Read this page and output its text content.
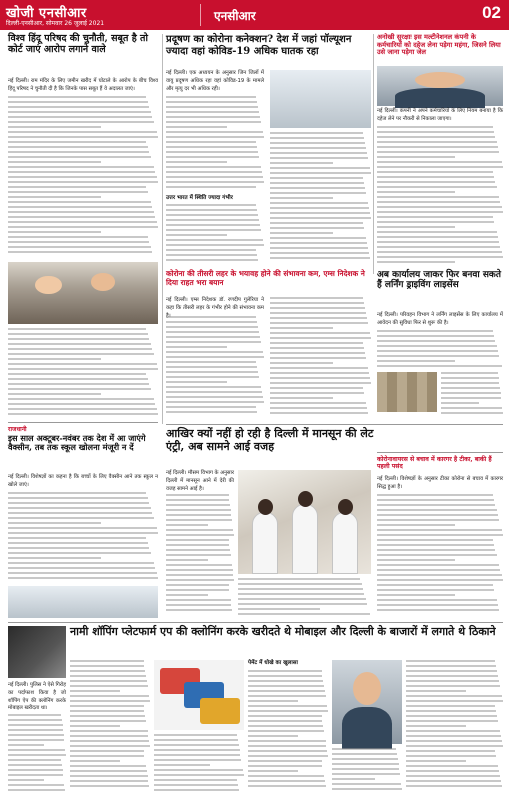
खोजी एनसीआर
दिल्ली-एनसीआर, सोमवार 26 जुलाई 2021
एनसीआर	02
विश्व हिंदू परिषद की चुनौती, सबूत है तो कोर्ट जाएं आरोप लगाने वाले
नई दिल्ली। राम मंदिर के लिए जमीन खरीद में घोटाले के आरोप के बीच विश्व हिंदू परिषद ने चुनौती दी है कि जिनके पास सबूत हैं वे अदालत जाएं।
प्रदूषण का कोरोना कनेक्शन? देश में जहां पॉल्यूशन ज्यादा वहां कोविड-19 अधिक घातक रहा
नई दिल्ली। एक अध्ययन के अनुसार जिन जिलों में वायु प्रदूषण अधिक रहा वहां कोविड-19 के मामले और मृत्यु दर भी अधिक रही।
उत्तर भारत में स्थिति ज्यादा गंभीर
अनोखी सुरक्षाः इस मल्टीनेशनल कंपनी के कर्मचारियों को दहेज लेना पड़ेगा महंगा, जिसने लिया उसे जाना पड़ेगा जेल
नई दिल्ली। कंपनी ने अपने कर्मचारियों के लिए नियम बनाया है कि दहेज लेने पर नौकरी से निकाला जाएगा।
कोरोना की तीसरी लहर के भयावह होने की संभावना कम, एम्स निदेशक ने दिया राहत भरा बयान
नई दिल्ली। एम्स निदेशक डॉ. रणदीप गुलेरिया ने कहा कि तीसरी लहर के गंभीर होने की संभावना कम
अब कार्यालय जाकर फिर बनवा सकते हैं लर्निंग ड्राइविंग लाइसेंस
नई दिल्ली। परिवहन विभाग ने लर्निंग लाइसेंस के लिए कार्यालय में आवेदन की सुविधा फिर से शुरू की है।
राजधानी
इस साल अक्टूबर-नवंबर तक देश में आ जाएंगे वैक्सीन, तब तक स्कूल खोलना मंजूरी न दें
नई दिल्ली। विशेषज्ञों का कहना है कि बच्चों के लिए वैक्सीन आने तक स्कूल न खोले जाएं।
आखिर क्यों नहीं हो रही है दिल्ली में मानसून की लेट एंट्री, अब सामने आई वजह
नई दिल्ली। मौसम विभाग के अनुसार दिल्ली में मानसून आने में देरी की वजह सामने आई है।
कोरोनावायरस से बचाव में कारगर है टीका, बाकी हैं पहली पसंद
नई दिल्ली। विशेषज्ञों के अनुसार टीका कोरोना से बचाव में कारगर सिद्ध हुआ है।
नामी शॉपिंग प्लेटफार्म एप की क्लोनिंग करके खरीदते थे मोबाइल और दिल्ली के बाजारों में लगाते थे ठिकाने
नई दिल्ली। पुलिस ने ऐसे गिरोह का पर्दाफाश किया है जो शॉपिंग ऐप की क्लोनिंग करके मोबाइल खरीदता था।
पेमेंट में धोखे का खुलासा
